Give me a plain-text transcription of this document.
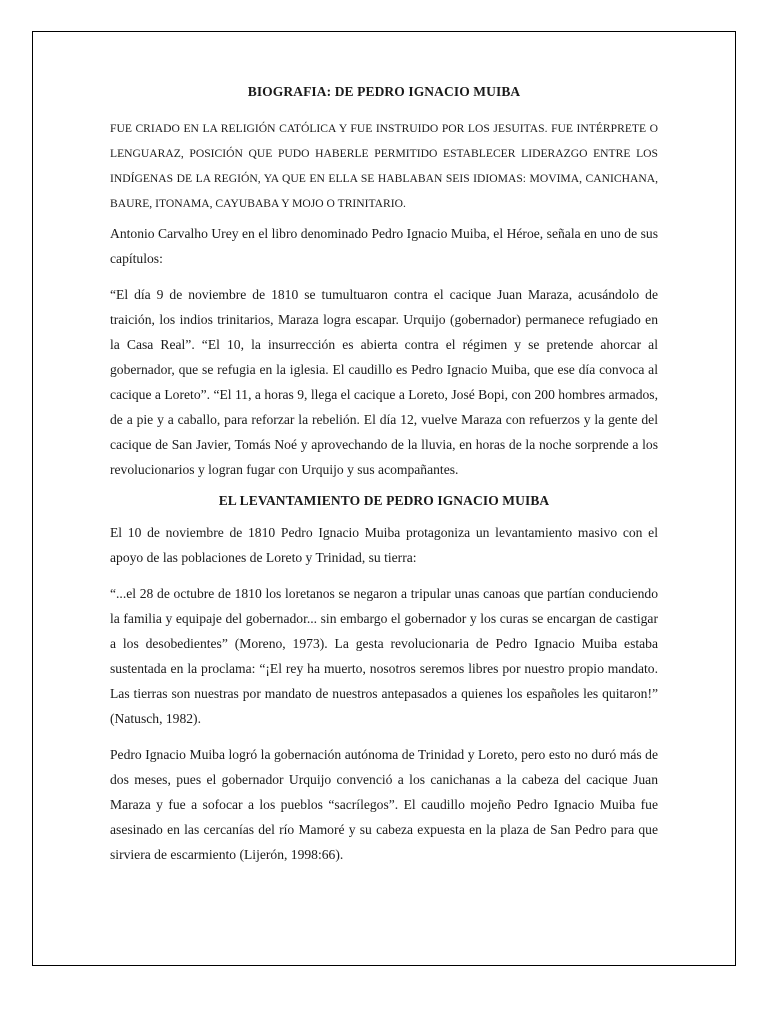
BIOGRAFIA: DE PEDRO IGNACIO MUIBA

FUE CRIADO EN LA RELIGIÓN CATÓLICA Y FUE INSTRUIDO POR LOS JESUITAS. FUE INTÉRPRETE O LENGUARAZ, POSICIÓN QUE PUDO HABERLE PERMITIDO ESTABLECER LIDERAZGO ENTRE LOS INDÍGENAS DE LA REGIÓN, YA QUE EN ELLA SE HABLABAN SEIS IDIOMAS: MOVIMA, CANICHANA, BAURE, ITONAMA, CAYUBABA Y MOJO O TRINITARIO.

Antonio Carvalho Urey en el libro denominado Pedro Ignacio Muiba, el Héroe, señala en uno de sus capítulos:

“El día 9 de noviembre de 1810 se tumultuaron contra el cacique Juan Maraza, acusándolo de traición, los indios trinitarios, Maraza logra escapar. Urquijo (gobernador) permanece refugiado en la Casa Real”. “El 10, la insurrección es abierta contra el régimen y se pretende ahorcar al gobernador, que se refugia en la iglesia. El caudillo es Pedro Ignacio Muiba, que ese día convoca al cacique a Loreto”. “El 11, a horas 9, llega el cacique a Loreto, José Bopi, con 200 hombres armados, de a pie y a caballo, para reforzar la rebelión. El día 12, vuelve Maraza con refuerzos y la gente del cacique de San Javier, Tomás Noé y aprovechando de la lluvia, en horas de la noche sorprende a los revolucionarios y logran fugar con Urquijo y sus acompañantes.

EL LEVANTAMIENTO DE PEDRO IGNACIO MUIBA

El 10 de noviembre de 1810 Pedro Ignacio Muiba protagoniza un levantamiento masivo con el apoyo de las poblaciones de Loreto y Trinidad, su tierra:

“...el 28 de octubre de 1810 los loretanos se negaron a tripular unas canoas que partían conduciendo la familia y equipaje del gobernador... sin embargo el gobernador y los curas se encargan de castigar a los desobedientes” (Moreno, 1973). La gesta revolucionaria de Pedro Ignacio Muiba estaba sustentada en la proclama: “¡El rey ha muerto, nosotros seremos libres por nuestro propio mandato. Las tierras son nuestras por mandato de nuestros antepasados a quienes los españoles les quitaron!” (Natusch, 1982).

Pedro Ignacio Muiba logró la gobernación autónoma de Trinidad y Loreto, pero esto no duró más de dos meses, pues el gobernador Urquijo convenció a los canichanas a la cabeza del cacique Juan Maraza y fue a sofocar a los pueblos “sacrílegos”. El caudillo mojeño Pedro Ignacio Muiba fue asesinado en las cercanías del río Mamoré y su cabeza expuesta en la plaza de San Pedro para que sirviera de escarmiento (Lijerón, 1998:66).
